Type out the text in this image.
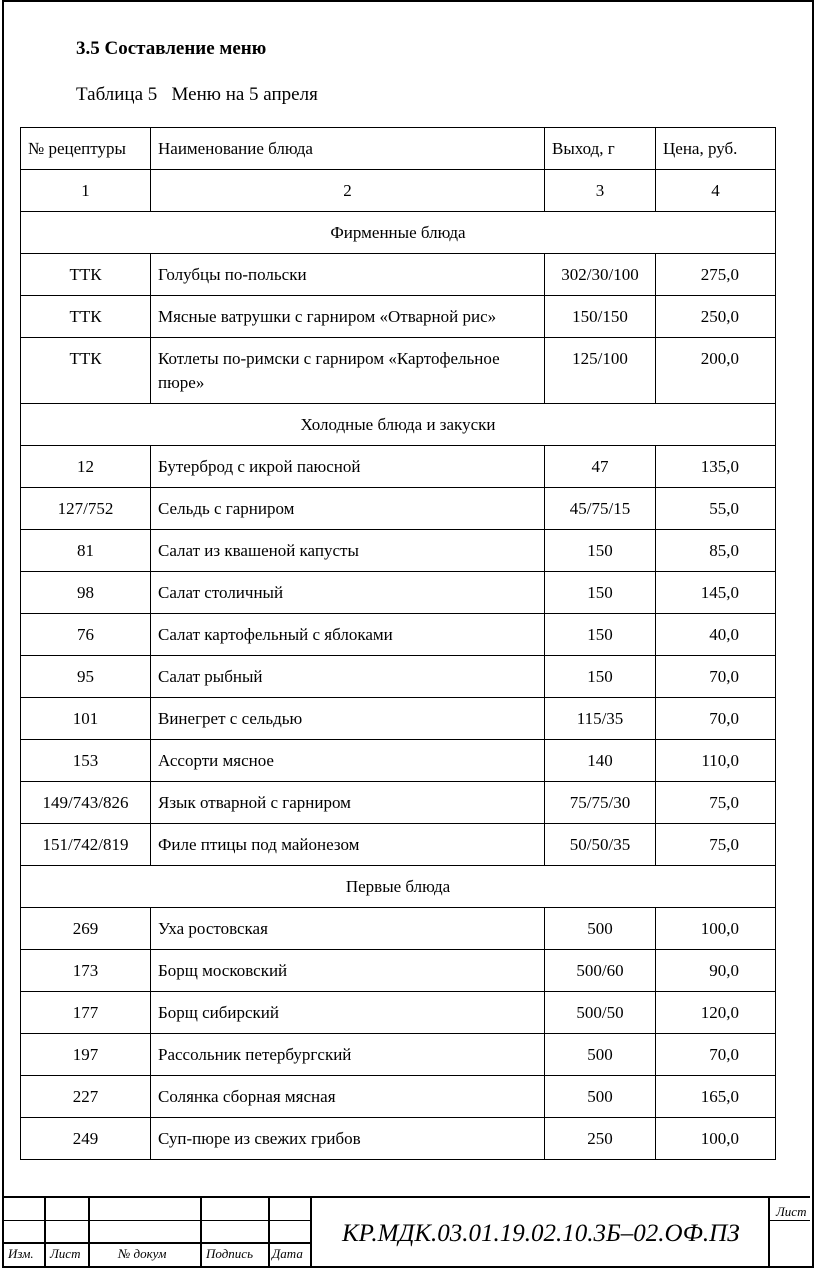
3.5 Составление меню
Таблица 5   Меню на 5 апреля
№ рецептуры	Наименование блюда	Выход, г	Цена, руб.
1	2	3	4
Фирменные блюда			
ТТК	Голубцы по-польски	302/30/100	275,0
ТТК	Мясные ватрушки с гарниром «Отварной рис»	150/150	250,0
ТТК	Котлеты по-римски с гарниром «Картофельное пюре»	125/100	200,0
Холодные блюда и закуски			
12	Бутерброд с икрой паюсной	47	135,0
127/752	Сельдь с гарниром	45/75/15	55,0
81	Салат из квашеной капусты	150	85,0
98	Салат столичный	150	145,0
76	Салат картофельный с яблоками	150	40,0
95	Салат рыбный	150	70,0
101	Винегрет с сельдью	115/35	70,0
153	Ассорти мясное	140	110,0
149/743/826	Язык отварной с гарниром	75/75/30	75,0
151/742/819	Филе птицы под майонезом	50/50/35	75,0
Первые блюда			
269	Уха ростовская	500	100,0
173	Борщ московский	500/60	90,0
177	Борщ сибирский	500/50	120,0
197	Рассольник петербургский	500	70,0
227	Солянка сборная мясная	500	165,0
249	Суп-пюре из свежих грибов	250	100,0
Изм. Лист	№ докум	Подпись Дата
Лист
КР.МДК.03.01.19.02.10.3Б–02.ОФ.ПЗ
